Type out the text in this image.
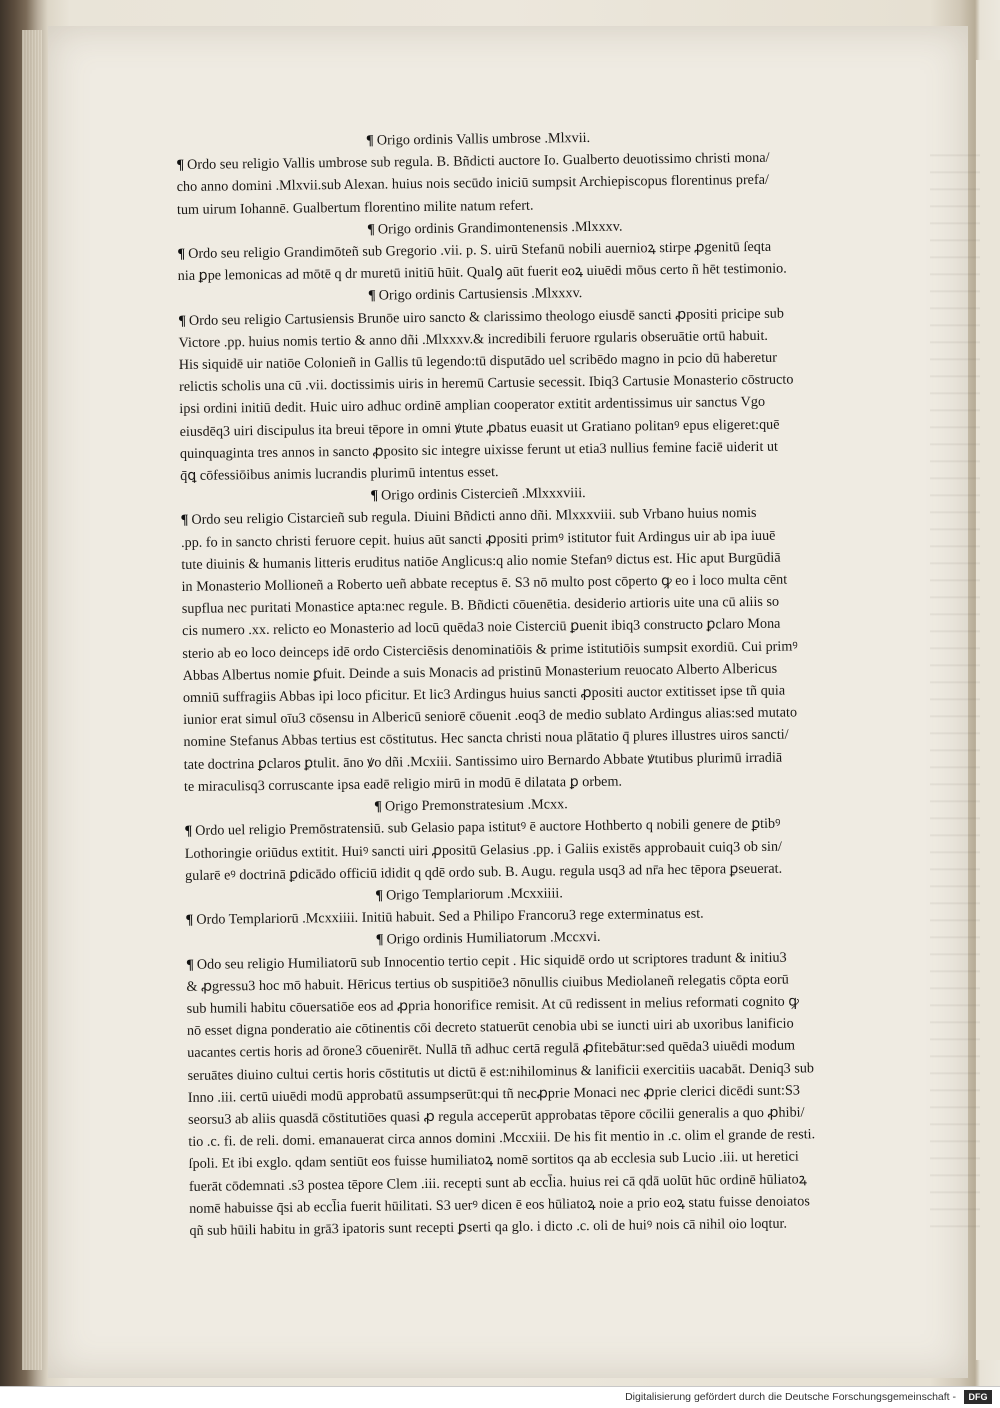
¶ Origo ordinis Vallis umbrose .Mlxvii.
¶ Ordo seu religio Vallis umbrose sub regula. B. Bñdicti auctore Io. Gualberto deuotissimo christi mona/
cho anno domini .Mlxvii.sub Alexan. huius nois secūdo iniciū sumpsit Archiepiscopus florentinus prefa/
tum uirum Iohannē. Gualbertum florentino milite natum refert.
¶ Origo ordinis Grandimontenensis .Mlxxxv.
¶ Ordo seu religio Grandimōteñ sub Gregorio .vii. p. S. uirū Stefanū nobili auernioꝝ stirpe ꝓgenitū ſeqta
nia ꝑpe lemonicas ad mōtē q dr muretū initiū hūit. Qualꝯ aūt fuerit eoꝝ uiuēdi mōus certo ñ hēt testimonio.
¶ Origo ordinis Cartusiensis .Mlxxxv.
¶ Ordo seu religio Cartusiensis Brunōe uiro sancto & clarissimo theologo eiusdē sancti ꝓpositi pricipe sub
Victore .pp. huius nomis tertio & anno dñi .Mlxxxv.& incredibili feruore rgularis obseruātie ortū habuit.
His siquidē uir natiōe Colonieñ in Gallis tū legendo:tū disputādo uel scribēdo magno in pcio dū haberetur
relictis scholis una cū .vii. doctissimis uiris in heremū Cartusie secessit. Ibiq3 Cartusie Monasterio cōstructo
ipsi ordini initiū dedit. Huic uiro adhuc ordinē amplian cooperator extitit ardentissimus uir sanctus Vgo
eiusdēq3 uiri discipulus ita breui tēpore in omni ꝟtute ꝓbatus euasit ut Gratiano politanꝰ epus eligeret:quē
quinquaginta tres annos in sancto ꝓposito sic integre uixisse ferunt ut etia3 nullius femine faciē uiderit ut
q̄ꝗ cōfessiōibus animis lucrandis plurimū intentus esset.
¶ Origo ordinis Cistercieñ .Mlxxxviii.
¶ Ordo seu religio Cistarcieñ sub regula. Diuini Bñdicti anno dñi. Mlxxxviii. sub Vrbano huius nomis
.pp. fo in sancto christi feruore cepit. huius aūt sancti ꝓpositi primꝰ istitutor fuit Ardingus uir ab ipa iuuē
tute diuinis & humanis litteris eruditus natiōe Anglicus:q alio nomie Stefanꝰ dictus est. Hic aput Burgūdiā
in Monasterio Mollioneñ a Roberto ueñ abbate receptus ē. S3 nō multo post cōperto ꝙ eo i loco multa cēnt
supflua nec puritati Monastice apta:nec regule. B. Bñdicti cōuenētia. desiderio artioris uite una cū aliis so
cis numero .xx. relicto eo Monasterio ad locū quēda3 noie Cisterciū ꝑuenit ibiq3 constructo ꝑclaro Mona
sterio ab eo loco deinceps idē ordo Cisterciēsis denominatiōis & prime istitutiōis sumpsit exordiū. Cui primꝰ
Abbas Albertus nomie ꝑfuit. Deinde a suis Monacis ad pristinū Monasterium reuocato Alberto Albericus
omniū suffragiis Abbas ipi loco pficitur. Et lic3 Ardingus huius sancti ꝓpositi auctor extitisset ipse tñ quia
iunior erat simul oīu3 cōsensu in Albericū seniorē cōuenit .eoq3 de medio sublato Ardingus alias:sed mutato
nomine Stefanus Abbas tertius est cōstitutus. Hec sancta christi noua plātatio q̄ plures illustres uiros sancti/
tate doctrina ꝑclaros ꝑtulit. āno ꝟo dñi .Mcxiii. Santissimo uiro Bernardo Abbate ꝟtutibus plurimū irradiā
te miraculisq3 corruscante ipsa eadē religio mirū in modū ē dilatata ꝑ orbem.
¶ Origo Premonstratesium .Mcxx.
¶ Ordo uel religio Premōstratensiū. sub Gelasio papa istitutꝰ ē auctore Hothberto q nobili genere de ꝑtibꝰ
Lothoringie oriūdus extitit. Huiꝰ sancti uiri ꝓpositū Gelasius .pp. i Galiis existēs approbauit cuiq3 ob sin/
gularē eꝰ doctrinā ꝑdicādo officiū ididit q qdē ordo sub. B. Augu. regula usq3 ad nr̄a hec tēpora ꝑseuerat.
¶ Origo Templariorum .Mcxxiiii.
¶ Ordo Templariorū .Mcxxiiii. Initiū habuit. Sed a Philipo Francoru3 rege exterminatus est.
¶ Origo ordinis Humiliatorum .Mccxvi.
¶ Odo seu religio Humiliatorū sub Innocentio tertio cepit . Hic siquidē ordo ut scriptores tradunt & initiu3
& ꝓgressu3 hoc mō habuit. Hēricus tertius ob suspitiōe3 nōnullis ciuibus Mediolaneñ relegatis cōpta eorū
sub humili habitu cōuersatiōe eos ad ꝓpria honorifice remisit. At cū redissent in melius reformati cognito ꝙ
nō esset digna ponderatio aie cōtinentis cōi decreto statuerūt cenobia ubi se iuncti uiri ab uxoribus lanificio
uacantes certis horis ad ōrone3 cōuenirēt. Nullā tñ adhuc certā regulā ꝓfitebātur:sed quēda3 uiuēdi modum
seruātes diuino cultui certis horis cōstitutis ut dictū ē est:nihilominus & lanificii exercitiis uacabāt. Deniq3 sub
Inno .iii. certū uiuēdi modū approbatū assumpserūt:qui tñ necꝓprie Monaci nec ꝓprie clerici dicēdi sunt:S3
seorsu3 ab aliis quasdā cōstitutiōes quasi ꝓ regula acceperūt approbatas tēpore cōcilii generalis a quo ꝓhibi/
tio .c. fi. de reli. domi. emanauerat circa annos domini .Mccxiii. De his fit mentio in .c. olim el grande de resti.
ſpoli. Et ibi exglo. qdam sentiūt eos fuisse humiliatoꝝ nomē sortitos qa ab ecclesia sub Lucio .iii. ut heretici
fuerāt cōdemnati .s3 postea tēpore Clem .iii. recepti sunt ab eccl̄ia. huius rei cā qdā uolūt hūc ordinē hūliatoꝝ
nomē habuisse q̄si ab eccl̄ia fuerit hūilitati. S3 uerꝰ dicen ē eos hūliatoꝝ noie a prio eoꝝ statu fuisse denoiatos
qñ sub hūili habitu in grā3 ipatoris sunt recepti ꝑserti qa glo. i dicto .c. oli de huiꝰ nois cā nihil oio loqtur.
Digitalisierung gefördert durch die Deutsche Forschungsgemeinschaft -	DFG
